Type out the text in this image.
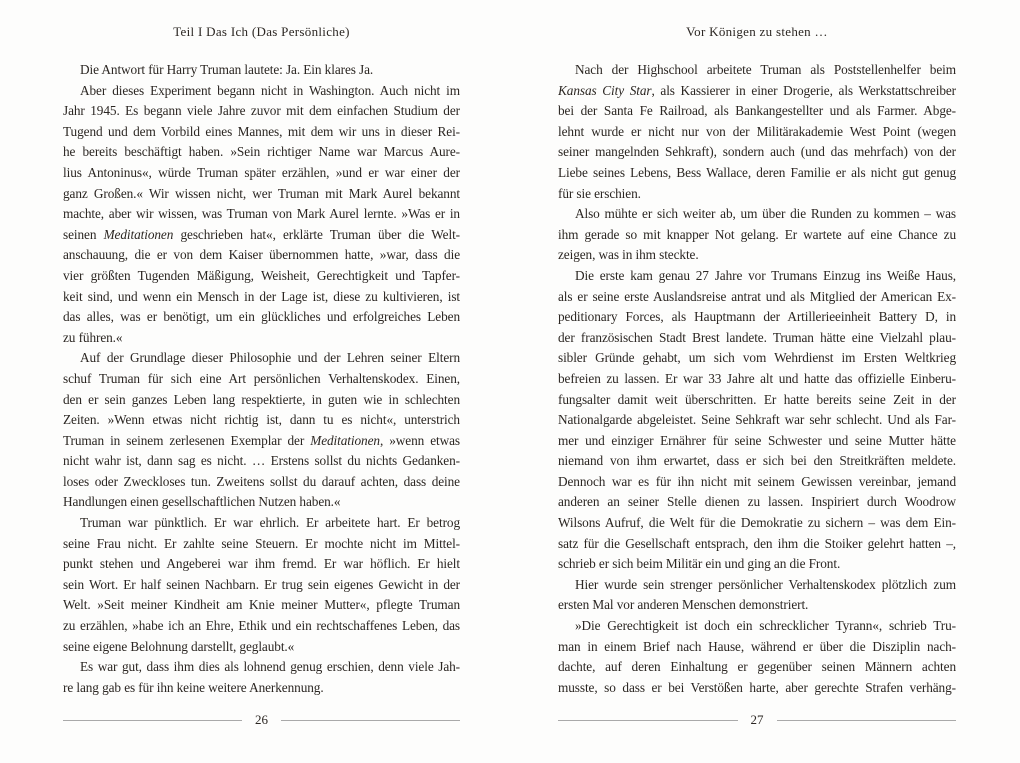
Teil I Das Ich (Das Persönliche)
Die Antwort für Harry Truman lautete: Ja. Ein klares Ja.
Aber dieses Experiment begann nicht in Washington. Auch nicht im
Jahr 1945. Es begann viele Jahre zuvor mit dem einfachen Studium der
Tugend und dem Vorbild eines Mannes, mit dem wir uns in dieser Rei-
he bereits beschäftigt haben. »Sein richtiger Name war Marcus Aure-
lius Antoninus«, würde Truman später erzählen, »und er war einer der
ganz Großen.« Wir wissen nicht, wer Truman mit Mark Aurel bekannt
machte, aber wir wissen, was Truman von Mark Aurel lernte. »Was er in
seinen Meditationen geschrieben hat«, erklärte Truman über die Welt-
anschauung, die er von dem Kaiser übernommen hatte, »war, dass die
vier größten Tugenden Mäßigung, Weisheit, Gerechtigkeit und Tapfer-
keit sind, und wenn ein Mensch in der Lage ist, diese zu kultivieren, ist
das alles, was er benötigt, um ein glückliches und erfolgreiches Leben
zu führen.«
Auf der Grundlage dieser Philosophie und der Lehren seiner Eltern
schuf Truman für sich eine Art persönlichen Verhaltenskodex. Einen,
den er sein ganzes Leben lang respektierte, in guten wie in schlechten
Zeiten. »Wenn etwas nicht richtig ist, dann tu es nicht«, unterstrich
Truman in seinem zerlesenen Exemplar der Meditationen, »wenn etwas
nicht wahr ist, dann sag es nicht. … Erstens sollst du nichts Gedanken-
loses oder Zweckloses tun. Zweitens sollst du darauf achten, dass deine
Handlungen einen gesellschaftlichen Nutzen haben.«
Truman war pünktlich. Er war ehrlich. Er arbeitete hart. Er betrog
seine Frau nicht. Er zahlte seine Steuern. Er mochte nicht im Mittel-
punkt stehen und Angeberei war ihm fremd. Er war höflich. Er hielt
sein Wort. Er half seinen Nachbarn. Er trug sein eigenes Gewicht in der
Welt. »Seit meiner Kindheit am Knie meiner Mutter«, pflegte Truman
zu erzählen, »habe ich an Ehre, Ethik und ein rechtschaffenes Leben, das
seine eigene Belohnung darstellt, geglaubt.«
Es war gut, dass ihm dies als lohnend genug erschien, denn viele Jah-
re lang gab es für ihn keine weitere Anerkennung.
26
Vor Königen zu stehen …
Nach der Highschool arbeitete Truman als Poststellenhelfer beim
Kansas City Star, als Kassierer in einer Drogerie, als Werkstattschreiber
bei der Santa Fe Railroad, als Bankangestellter und als Farmer. Abge-
lehnt wurde er nicht nur von der Militärakademie West Point (wegen
seiner mangelnden Sehkraft), sondern auch (und das mehrfach) von der
Liebe seines Lebens, Bess Wallace, deren Familie er als nicht gut genug
für sie erschien.
Also mühte er sich weiter ab, um über die Runden zu kommen – was
ihm gerade so mit knapper Not gelang. Er wartete auf eine Chance zu
zeigen, was in ihm steckte.
Die erste kam genau 27 Jahre vor Trumans Einzug ins Weiße Haus,
als er seine erste Auslandsreise antrat und als Mitglied der American Ex-
peditionary Forces, als Hauptmann der Artillerieeinheit Battery D, in
der französischen Stadt Brest landete. Truman hätte eine Vielzahl plau-
sibler Gründe gehabt, um sich vom Wehrdienst im Ersten Weltkrieg
befreien zu lassen. Er war 33 Jahre alt und hatte das offizielle Einberu-
fungsalter damit weit überschritten. Er hatte bereits seine Zeit in der
Nationalgarde abgeleistet. Seine Sehkraft war sehr schlecht. Und als Far-
mer und einziger Ernährer für seine Schwester und seine Mutter hätte
niemand von ihm erwartet, dass er sich bei den Streitkräften meldete.
Dennoch war es für ihn nicht mit seinem Gewissen vereinbar, jemand
anderen an seiner Stelle dienen zu lassen. Inspiriert durch Woodrow
Wilsons Aufruf, die Welt für die Demokratie zu sichern – was dem Ein-
satz für die Gesellschaft entsprach, den ihm die Stoiker gelehrt hatten –,
schrieb er sich beim Militär ein und ging an die Front.
Hier wurde sein strenger persönlicher Verhaltenskodex plötzlich zum
ersten Mal vor anderen Menschen demonstriert.
»Die Gerechtigkeit ist doch ein schrecklicher Tyrann«, schrieb Tru-
man in einem Brief nach Hause, während er über die Disziplin nach-
dachte, auf deren Einhaltung er gegenüber seinen Männern achten
musste, so dass er bei Verstößen harte, aber gerechte Strafen verhäng-
27
